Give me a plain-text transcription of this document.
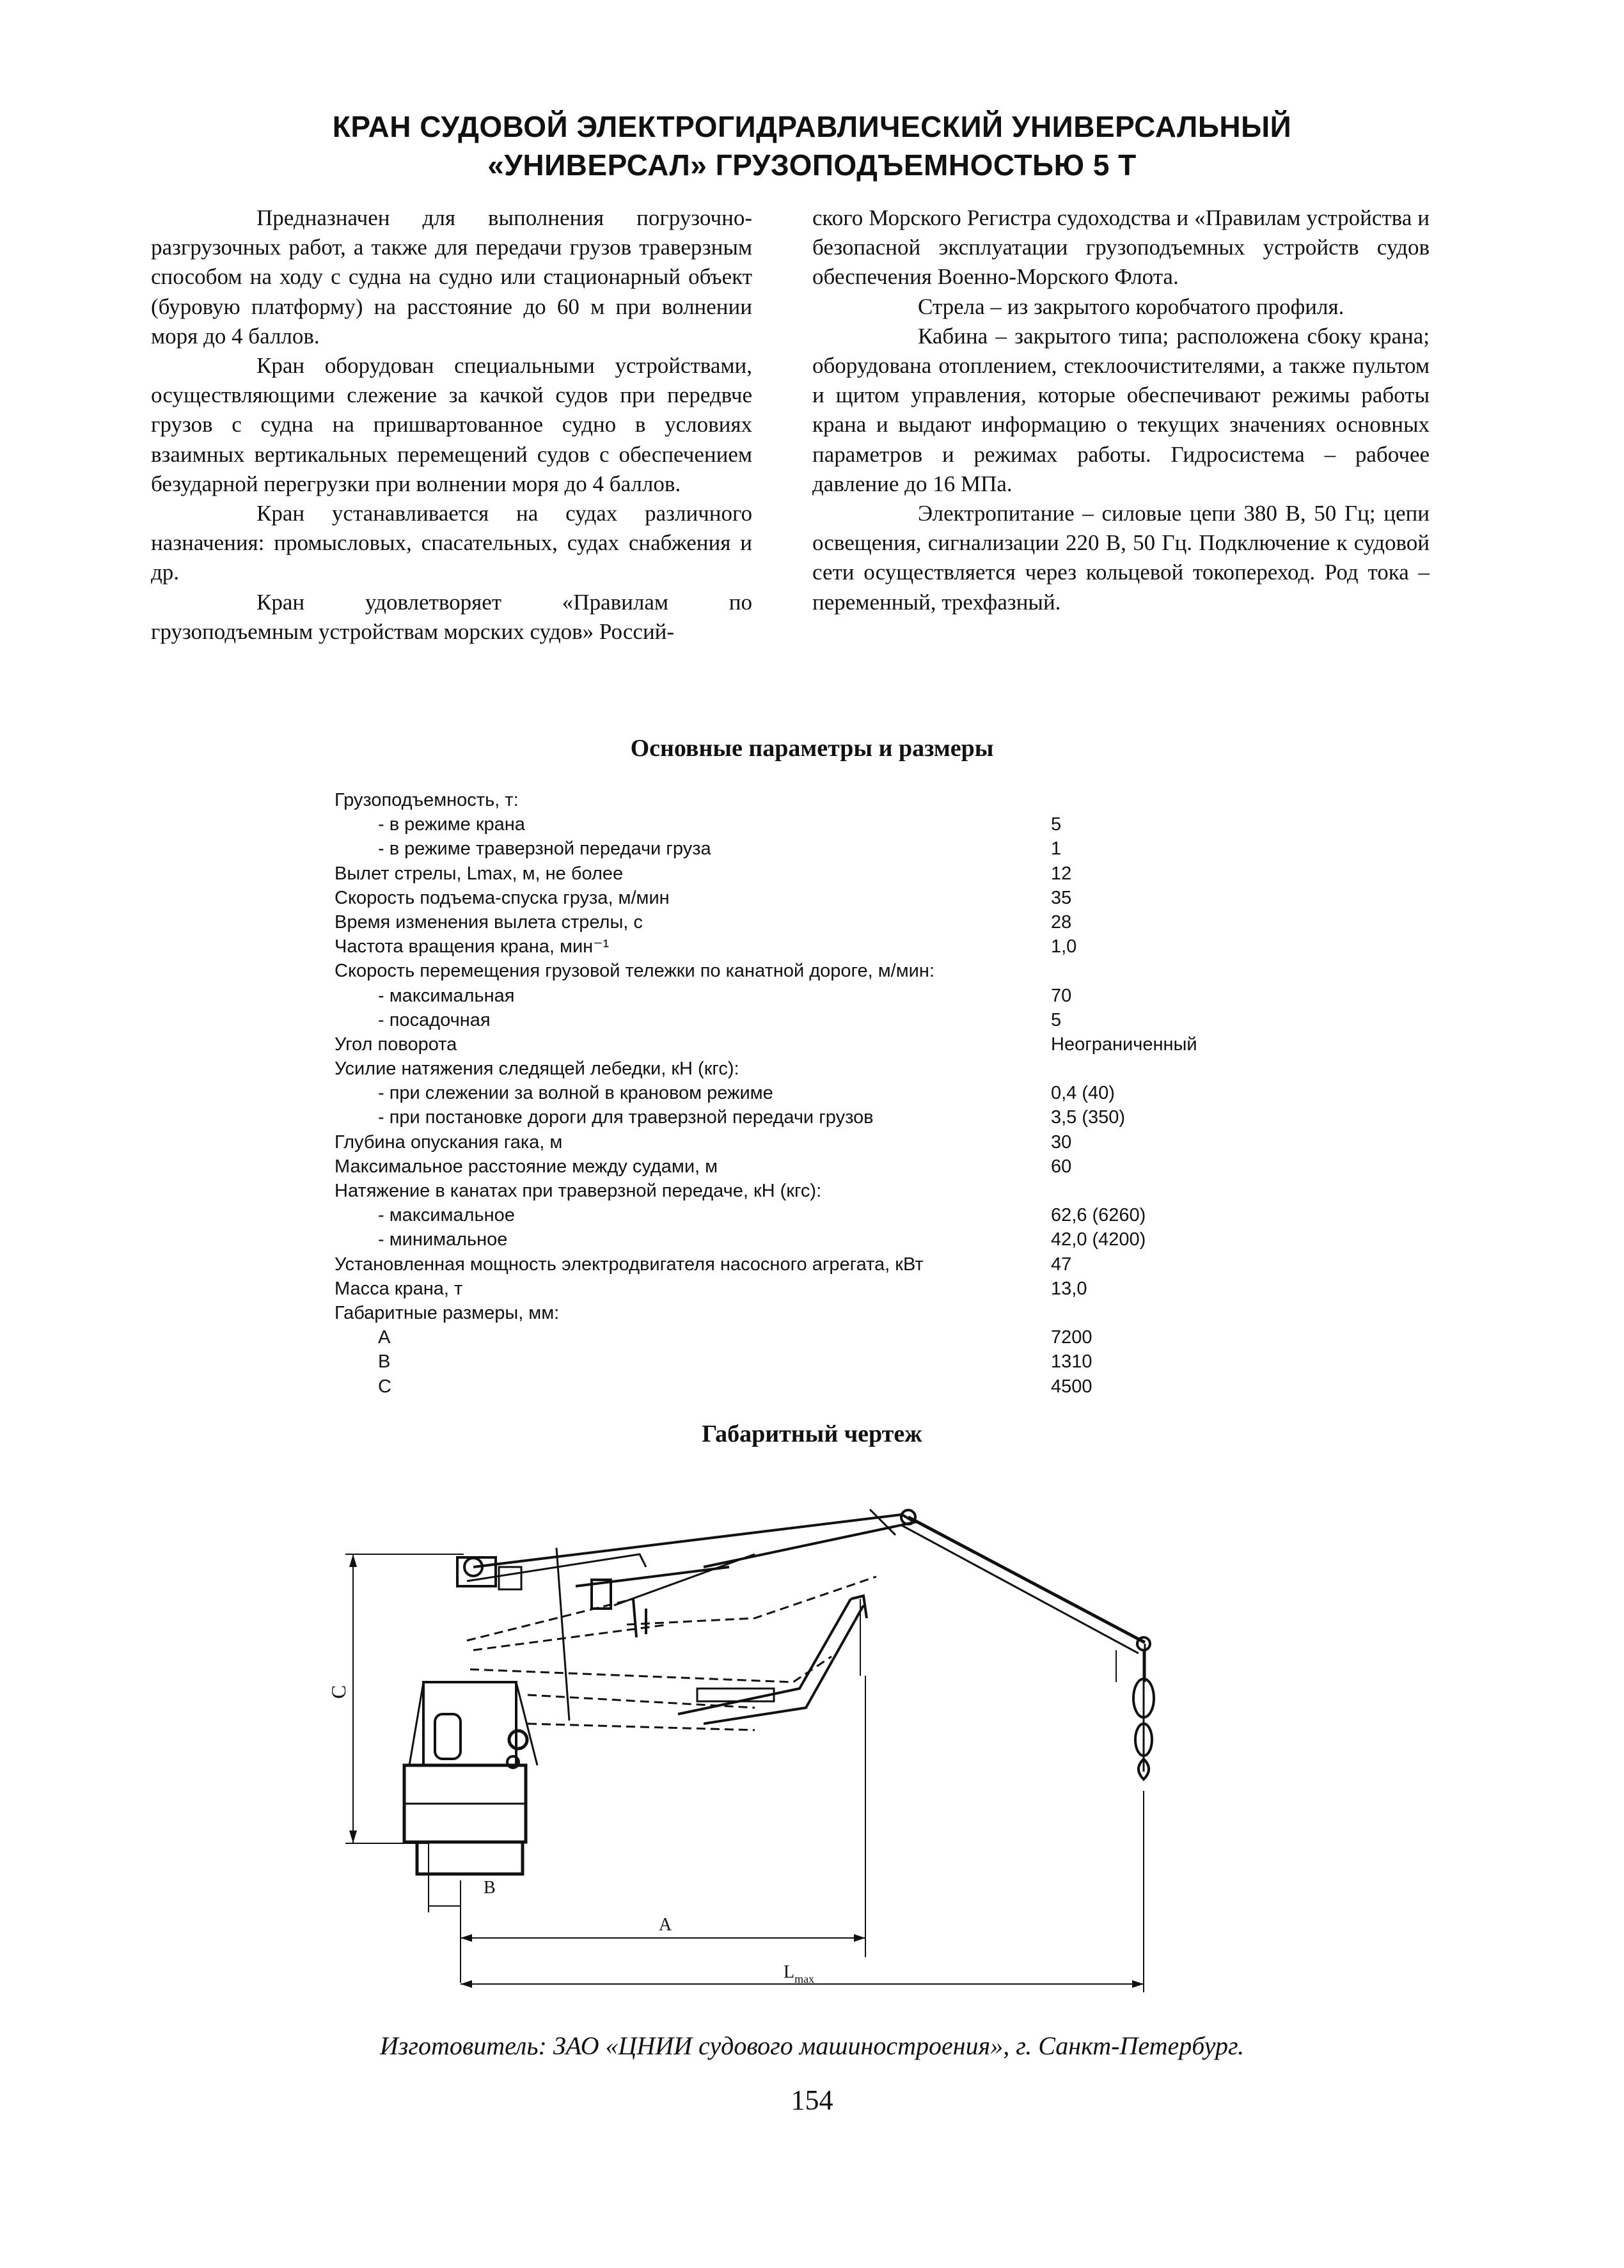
КРАН СУДОВОЙ ЭЛЕКТРОГИДРАВЛИЧЕСКИЙ УНИВЕРСАЛЬНЫЙ
«УНИВЕРСАЛ» ГРУЗОПОДЪЕМНОСТЬЮ 5 Т

Предназначен для выполнения погрузочно-разгрузочных работ, а также для передачи грузов траверзным способом на ходу с судна на судно или стационарный объект (буровую платформу) на расстояние до 60 м при волнении моря до 4 баллов.

Кран оборудован специальными устройствами, осуществляющими слежение за качкой судов при передвче грузов с судна на пришвартованное судно в условиях взаимных вертикальных перемещений судов с обеспечением безударной перегрузки при волнении моря до 4 баллов.

Кран устанавливается на судах различного назначения: промысловых, спасательных, судах снабжения и др.

Кран удовлетворяет «Правилам по грузоподъемным устройствам морских судов» Россий-

ского Морского Регистра судоходства и «Правилам устройства и безопасной эксплуатации грузоподъемных устройств судов обеспечения Военно-Морского Флота.

Стрела – из закрытого коробчатого профиля.

Кабина – закрытого типа; расположена сбоку крана; оборудована отоплением, стеклоочистителями, а также пультом и щитом управления, которые обеспечивают режимы работы крана и выдают информацию о текущих значениях основных параметров и режимах работы. Гидросистема – рабочее давление до 16 МПа.

Электропитание – силовые цепи 380 В, 50 Гц; цепи освещения, сигнализации 220 В, 50 Гц. Подключение к судовой сети осуществляется через кольцевой токопереход. Род тока – переменный, трехфазный.

Основные параметры и размеры
Грузоподъемность, т:
- в режиме крана	5
- в режиме траверзной передачи груза	1
Вылет стрелы, Lmax, м, не более	12
Скорость подъема-спуска груза, м/мин	35
Время изменения вылета стрелы, с	28
Частота вращения крана, мин⁻¹	1,0
Скорость перемещения грузовой тележки по канатной дороге, м/мин:
- максимальная	70
- посадочная	5
Угол поворота	Неограниченный
Усилие натяжения следящей лебедки, кН (кгс):
- при слежении за волной в крановом режиме	0,4 (40)
- при постановке дороги для траверзной передачи грузов	3,5 (350)
Глубина опускания гака, м	30
Максимальное расстояние между судами, м	60
Натяжение в канатах при траверзной передаче, кН (кгс):
- максимальное	62,6 (6260)
- минимальное	42,0 (4200)
Установленная мощность электродвигателя насосного агрегата, кВт	47
Масса крана, т	13,0
Габаритные размеры, мм:
А	7200
В	1310
С	4500
Габаритный чертеж
С
В
А
$L_{max}$
Изготовитель: ЗАО «ЦНИИ судового машиностроения», г. Санкт-Петербург.
154
